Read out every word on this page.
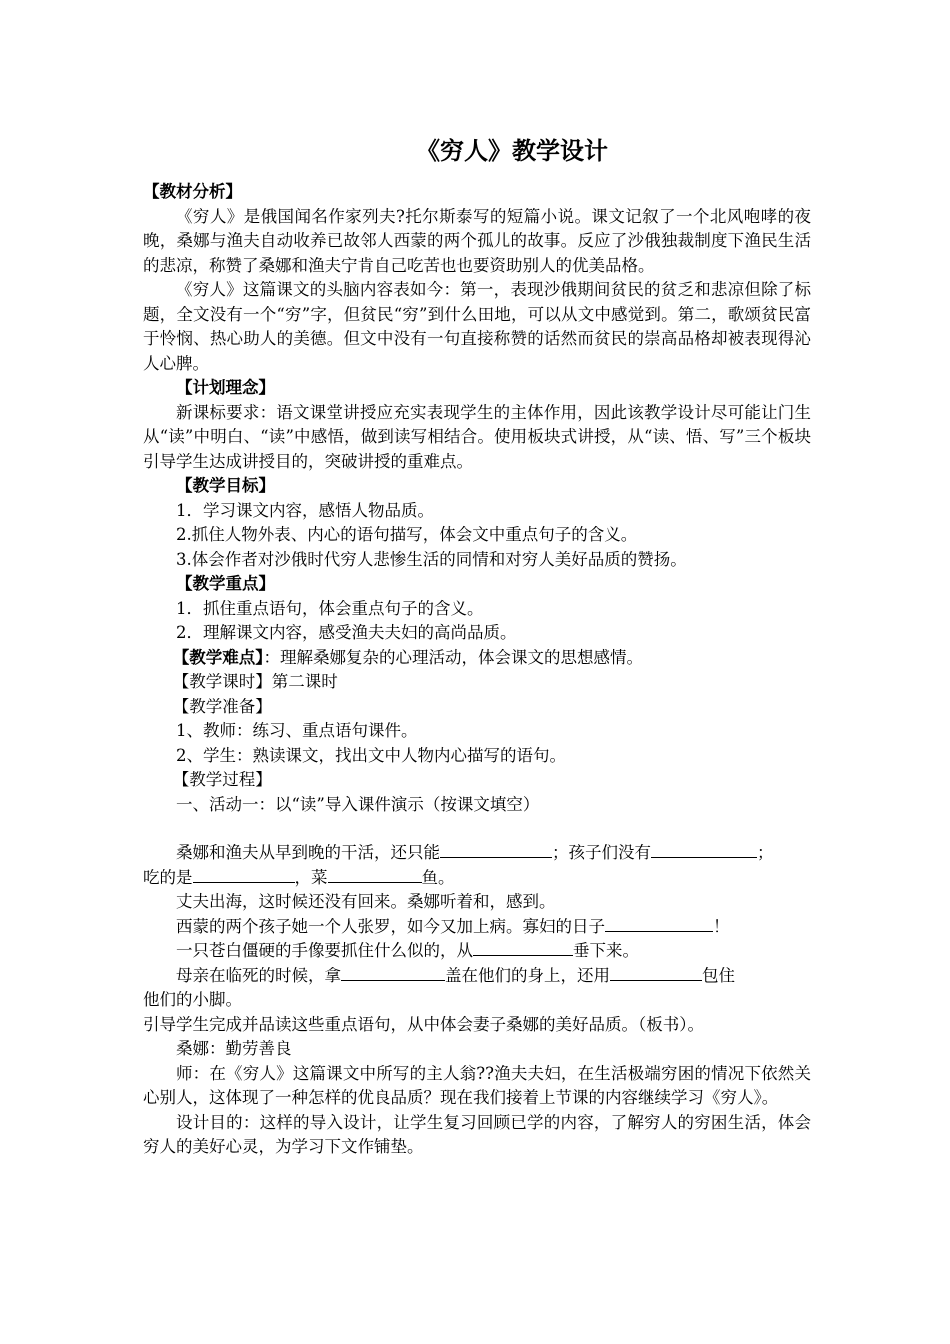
《穷人》教学设计

【教材分析】

《穷人》是俄国闻名作家列夫?托尔斯泰写的短篇小说。课文记叙了一个北风咆哮的夜晚，桑娜与渔夫自动收养已故邻人西蒙的两个孤儿的故事。反应了沙俄独裁制度下渔民生活的悲凉，称赞了桑娜和渔夫宁肯自己吃苦也也要资助别人的优美品格。

《穷人》这篇课文的头脑内容表如今：第一，表现沙俄期间贫民的贫乏和悲凉但除了标题，全文没有一个“穷”字，但贫民“穷”到什么田地，可以从文中感觉到。第二，歌颂贫民富于怜悯、热心助人的美德。但文中没有一句直接称赞的话然而贫民的崇高品格却被表现得沁人心脾。

【计划理念】

新课标要求：语文课堂讲授应充实表现学生的主体作用，因此该教学设计尽可能让门生从“读”中明白、“读”中感悟，做到读写相结合。使用板块式讲授，从“读、悟、写”三个板块引导学生达成讲授目的，突破讲授的重难点。

【教学目标】

1．学习课文内容，感悟人物品质。

2.抓住人物外表、内心的语句描写，体会文中重点句子的含义。

3.体会作者对沙俄时代穷人悲惨生活的同情和对穷人美好品质的赞扬。

【教学重点】

1．抓住重点语句，体会重点句子的含义。

2．理解课文内容，感受渔夫夫妇的高尚品质。

【教学难点】：理解桑娜复杂的心理活动，体会课文的思想感情。

【教学课时】第二课时

【教学准备】

1、教师：练习、重点语句课件。

2、学生：熟读课文，找出文中人物内心描写的语句。

【教学过程】

一、活动一：以“读”导入课件演示（按课文填空）

桑娜和渔夫从早到晚的干活，还只能	；孩子们没有	；

吃的是	，菜	鱼。

丈夫出海，这时候还没有回来。桑娜听着和，感到。

西蒙的两个孩子她一个人张罗，如今又加上病。寡妇的日子	！

一只苍白僵硬的手像要抓住什么似的，从	垂下来。

母亲在临死的时候，拿	盖在他们的身上，还用	包住

他们的小脚。

引导学生完成并品读这些重点语句，从中体会妻子桑娜的美好品质。（板书）。

桑娜：勤劳善良

师：在《穷人》这篇课文中所写的主人翁??渔夫夫妇，在生活极端穷困的情况下依然关心别人，这体现了一种怎样的优良品质？现在我们接着上节课的内容继续学习《穷人》。

设计目的：这样的导入设计，让学生复习回顾已学的内容，了解穷人的穷困生活，体会穷人的美好心灵，为学习下文作铺垫。
